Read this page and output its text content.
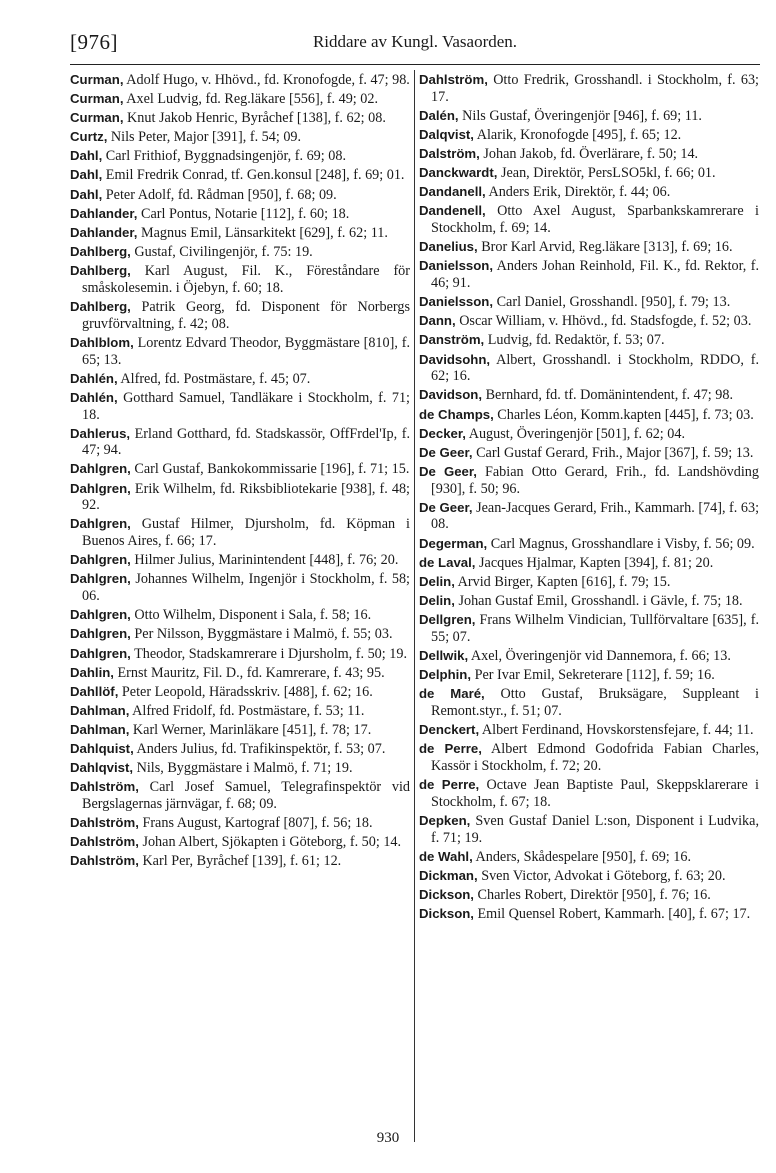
[976]	Riddare av Kungl. Vasaorden.
Curman, Adolf Hugo, v. Hhövd., fd. Kronofogde, f. 47; 98.
Curman, Axel Ludvig, fd. Reg.läkare [556], f. 49; 02.
Curman, Knut Jakob Henric, Byråchef [138], f. 62; 08.
Curtz, Nils Peter, Major [391], f. 54; 09.
Dahl, Carl Frithiof, Byggnadsingenjör, f. 69; 08.
Dahl, Emil Fredrik Conrad, tf. Gen.konsul [248], f. 69; 01.
Dahl, Peter Adolf, fd. Rådman [950], f. 68; 09.
Dahlander, Carl Pontus, Notarie [112], f. 60; 18.
Dahlander, Magnus Emil, Länsarkitekt [629], f. 62; 11.
Dahlberg, Gustaf, Civilingenjör, f. 75: 19.
Dahlberg, Karl August, Fil. K., Föreståndare för småskolesemin. i Öjebyn, f. 60; 18.
Dahlberg, Patrik Georg, fd. Disponent för Norbergs gruvförvaltning, f. 42; 08.
Dahlblom, Lorentz Edvard Theodor, Byggmästare [810], f. 65; 13.
Dahlén, Alfred, fd. Postmästare, f. 45; 07.
Dahlén, Gotthard Samuel, Tandläkare i Stockholm, f. 71; 18.
Dahlerus, Erland Gotthard, fd. Stadskassör, OffFrdel'Ip, f. 47; 94.
Dahlgren, Carl Gustaf, Bankokommissarie [196], f. 71; 15.
Dahlgren, Erik Wilhelm, fd. Riksbibliotekarie [938], f. 48; 92.
Dahlgren, Gustaf Hilmer, Djursholm, fd. Köpman i Buenos Aires, f. 66; 17.
Dahlgren, Hilmer Julius, Marinintendent [448], f. 76; 20.
Dahlgren, Johannes Wilhelm, Ingenjör i Stockholm, f. 58; 06.
Dahlgren, Otto Wilhelm, Disponent i Sala, f. 58; 16.
Dahlgren, Per Nilsson, Byggmästare i Malmö, f. 55; 03.
Dahlgren, Theodor, Stadskamrerare i Djursholm, f. 50; 19.
Dahlin, Ernst Mauritz, Fil. D., fd. Kamrerare, f. 43; 95.
Dahllöf, Peter Leopold, Häradsskriv. [488], f. 62; 16.
Dahlman, Alfred Fridolf, fd. Postmästare, f. 53; 11.
Dahlman, Karl Werner, Marinläkare [451], f. 78; 17.
Dahlquist, Anders Julius, fd. Trafikinspektör, f. 53; 07.
Dahlqvist, Nils, Byggmästare i Malmö, f. 71; 19.
Dahlström, Carl Josef Samuel, Telegrafinspektör vid Bergslagernas järnvägar, f. 68; 09.
Dahlström, Frans August, Kartograf [807], f. 56; 18.
Dahlström, Johan Albert, Sjökapten i Göteborg, f. 50; 14.
Dahlström, Karl Per, Byråchef [139], f. 61; 12.
Dahlström, Otto Fredrik, Grosshandl. i Stockholm, f. 63; 17.
Dalén, Nils Gustaf, Överingenjör [946], f. 69; 11.
Dalqvist, Alarik, Kronofogde [495], f. 65; 12.
Dalström, Johan Jakob, fd. Överlärare, f. 50; 14.
Danckwardt, Jean, Direktör, PersLSO5kl, f. 66; 01.
Dandanell, Anders Erik, Direktör, f. 44; 06.
Dandenell, Otto Axel August, Sparbankskamrerare i Stockholm, f. 69; 14.
Danelius, Bror Karl Arvid, Reg.läkare [313], f. 69; 16.
Danielsson, Anders Johan Reinhold, Fil. K., fd. Rektor, f. 46; 91.
Danielsson, Carl Daniel, Grosshandl. [950], f. 79; 13.
Dann, Oscar William, v. Hhövd., fd. Stadsfogde, f. 52; 03.
Danström, Ludvig, fd. Redaktör, f. 53; 07.
Davidsohn, Albert, Grosshandl. i Stockholm, RDDO, f. 62; 16.
Davidson, Bernhard, fd. tf. Domänintendent, f. 47; 98.
de Champs, Charles Léon, Komm.kapten [445], f. 73; 03.
Decker, August, Överingenjör [501], f. 62; 04.
De Geer, Carl Gustaf Gerard, Frih., Major [367], f. 59; 13.
De Geer, Fabian Otto Gerard, Frih., fd. Landshövding [930], f. 50; 96.
De Geer, Jean-Jacques Gerard, Frih., Kammarh. [74], f. 63; 08.
Degerman, Carl Magnus, Grosshandlare i Visby, f. 56; 09.
de Laval, Jacques Hjalmar, Kapten [394], f. 81; 20.
Delin, Arvid Birger, Kapten [616], f. 79; 15.
Delin, Johan Gustaf Emil, Grosshandl. i Gävle, f. 75; 18.
Dellgren, Frans Wilhelm Vindician, Tullförvaltare [635], f. 55; 07.
Dellwik, Axel, Överingenjör vid Dannemora, f. 66; 13.
Delphin, Per Ivar Emil, Sekreterare [112], f. 59; 16.
de Maré, Otto Gustaf, Bruksägare, Suppleant i Remont.styr., f. 51; 07.
Denckert, Albert Ferdinand, Hovskorstensfejare, f. 44; 11.
de Perre, Albert Edmond Godofrida Fabian Charles, Kassör i Stockholm, f. 72; 20.
de Perre, Octave Jean Baptiste Paul, Skeppsklarerare i Stockholm, f. 67; 18.
Depken, Sven Gustaf Daniel L:son, Disponent i Ludvika, f. 71; 19.
de Wahl, Anders, Skådespelare [950], f. 69; 16.
Dickman, Sven Victor, Advokat i Göteborg, f. 63; 20.
Dickson, Charles Robert, Direktör [950], f. 76; 16.
Dickson, Emil Quensel Robert, Kammarh. [40], f. 67; 17.
930
